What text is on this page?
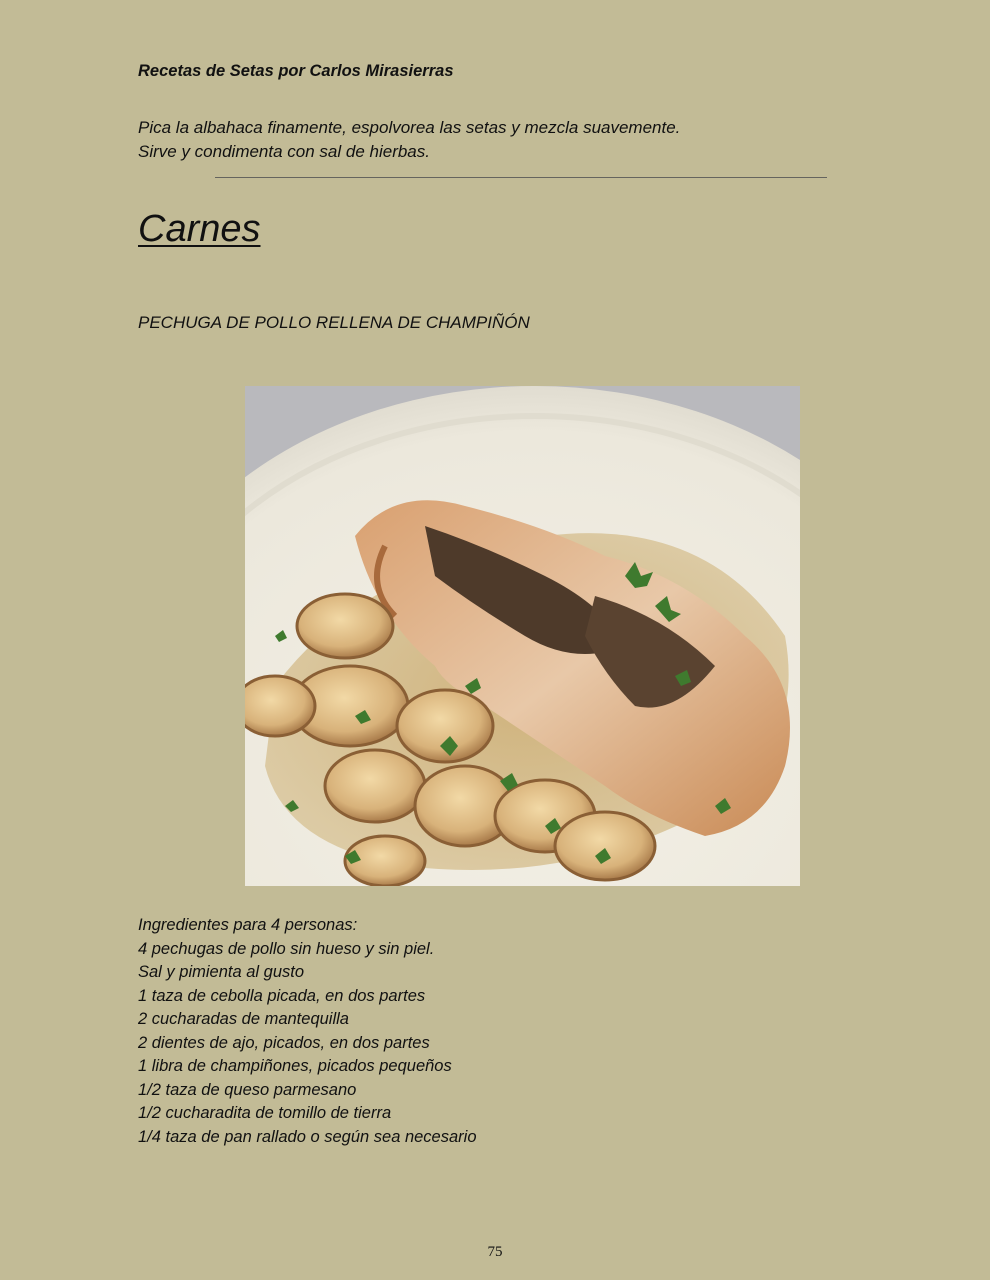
Recetas de Setas por Carlos Mirasierras
Pica la albahaca finamente, espolvorea las setas y mezcla suavemente.
Sirve y condimenta con sal de hierbas.
Carnes
PECHUGA DE POLLO RELLENA DE CHAMPIÑÓN
Ingredientes para 4 personas:
4 pechugas de pollo sin hueso y sin piel.
Sal y pimienta al gusto
1 taza de cebolla picada, en dos partes
2 cucharadas de mantequilla
2 dientes de ajo, picados, en dos partes
1 libra de champiñones, picados pequeños
1/2 taza de queso parmesano
1/2 cucharadita de tomillo de tierra
1/4 taza de pan rallado o según sea necesario
75
